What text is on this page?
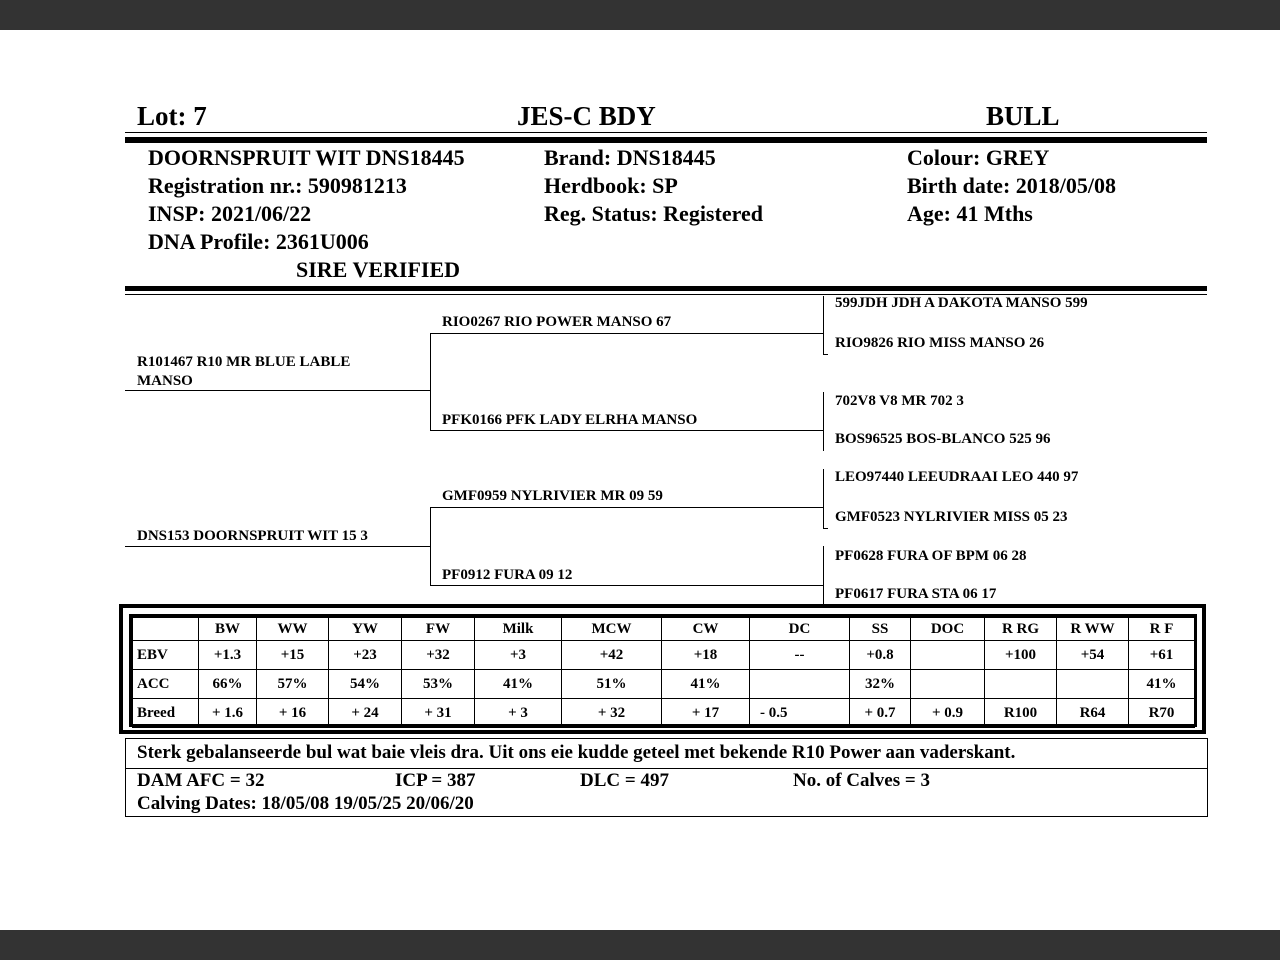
Lot: 7	JES-C BDY	BULL
DOORNSPRUIT WIT DNS18445
Registration nr.: 590981213
INSP: 2021/06/22
DNA Profile: 2361U006
SIRE VERIFIED
Brand: DNS18445
Herdbook: SP
Reg. Status: Registered
Colour: GREY
Birth date: 2018/05/08
Age: 41 Mths
R101467 R10 MR BLUE LABLE MANSO
RIO0267 RIO POWER MANSO 67
PFK0166 PFK LADY ELRHA MANSO
DNS153 DOORNSPRUIT WIT 15 3
GMF0959 NYLRIVIER MR 09 59
PF0912 FURA 09 12
599JDH JDH A DAKOTA MANSO 599
RIO9826 RIO MISS MANSO 26
702V8 V8 MR 702 3
BOS96525 BOS-BLANCO 525 96
LEO97440 LEEUDRAAI LEO 440 97
GMF0523 NYLRIVIER MISS 05 23
PF0628 FURA OF BPM 06 28
PF0617 FURA STA 06 17
	BW	WW	YW	FW	Milk	MCW	CW	DC	SS	DOC	R RG	R WW	R F
EBV	+1.3	+15	+23	+32	+3	+42	+18	--	+0.8		+100	+54	+61
ACC	66%	57%	54%	53%	41%	51%	41%		32%				41%
Breed	+ 1.6	+ 16	+ 24	+ 31	+ 3	+ 32	+ 17	- 0.5	+ 0.7	+ 0.9	R100	R64	R70
Sterk gebalanseerde bul wat baie vleis dra. Uit ons eie kudde geteel met bekende R10 Power aan vaderskant.
DAM AFC = 32	ICP = 387	DLC = 497	No. of Calves = 3
Calving Dates: 18/05/08 19/05/25 20/06/20
